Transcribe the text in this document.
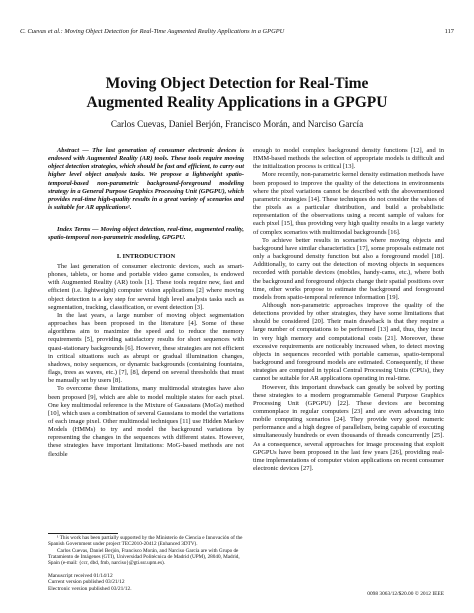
C. Cuevas et al.: Moving Object Detection for Real-Time Augmented Reality Applications in a GPGPU	117
Moving Object Detection for Real-Time
Augmented Reality Applications in a GPGPU
Carlos Cuevas, Daniel Berjón, Francisco Morán, and Narciso García

Abstract — The last generation of consumer electronic devices is endowed with Augmented Reality (AR) tools. These tools require moving object detection strategies, which should be fast and efficient, to carry out higher level object analysis tasks. We propose a lightweight spatio-temporal-based non-parametric background-foreground modeling strategy in a General Purpose Graphics Processing Unit (GPGPU), which provides real-time high-quality results in a great variety of scenarios and is suitable for AR applications¹.

Index Terms — Moving object detection, real-time, augmented reality, spatio-temporal non-parametric modeling, GPGPU.

I. INTRODUCTION

The last generation of consumer electronic devices, such as smart-phones, tablets, or home and portable video game consoles, is endowed with Augmented Reality (AR) tools [1]. These tools require new, fast and efficient (i.e. lightweight) computer vision applications [2] where moving object detection is a key step for several high level analysis tasks such as segmentation, tracking, classification, or event detection [3].

In the last years, a large number of moving object segmentation approaches has been proposed in the literature [4]. Some of these algorithms aim to maximize the speed and to reduce the memory requirements [5], providing satisfactory results for short sequences with quasi-stationary backgrounds [6]. However, these strategies are not efficient in critical situations such as abrupt or gradual illumination changes, shadows, noisy sequences, or dynamic backgrounds (containing fountains, flags, trees as waves, etc.) [7], [8], depend on several thresholds that must be manually set by users [8].

To overcome these limitations, many multimodal strategies have also been proposed [9], which are able to model multiple states for each pixel. One key multimodal reference is the Mixture of Gaussians (MoGs) method [10], which uses a combination of several Gaussians to model the variations of each image pixel. Other multimodal techniques [11] use Hidden Markov Models (HMMs) to try and model the background variations by representing the changes in the sequences with different states. However, these strategies have important limitations: MoG-based methods are not flexible

enough to model complex background density functions [12], and in HMM-based methods the selection of appropriate models is difficult and the initialization process is critical [13].

More recently, non-parametric kernel density estimation methods have been proposed to improve the quality of the detections in environments where the pixel variations cannot be described with the abovementioned parametric strategies [14]. These techniques do not consider the values of the pixels as a particular distribution, and build a probabilistic representation of the observations using a recent sample of values for each pixel [15], thus providing very high quality results in a large variety of complex scenarios with multimodal backgrounds [16].

To achieve better results in scenarios where moving objects and background have similar characteristics [17], some proposals estimate not only a background density function but also a foreground model [18]. Additionally, to carry out the detection of moving objects in sequences recorded with portable devices (mobiles, handy-cams, etc.), where both the background and foreground objects change their spatial positions over time, other works propose to estimate the background and foreground models from spatio-temporal reference information [19].

Although non-parametric approaches improve the quality of the detections provided by other strategies, they have some limitations that should be considered [20]. Their main drawback is that they require a large number of computations to be performed [13] and, thus, they incur in very high memory and computational costs [21]. Moreover, these excessive requirements are noticeably increased when, to detect moving objects in sequences recorded with portable cameras, spatio-temporal background and foreground models are estimated. Consequently, if these strategies are computed in typical Central Processing Units (CPUs), they cannot be suitable for AR applications operating in real-time.

However, this important drawback can greatly be solved by porting these strategies to a modern programmable General Purpose Graphics Processing Unit (GPGPU) [22]. These devices are becoming commonplace in regular computers [23] and are even advancing into mobile computing scenarios [24]. They provide very good numeric performance and a high degree of parallelism, being capable of executing simultaneously hundreds or even thousands of threads concurrently [25]. As a consequence, several approaches for image processing that exploit GPGPUs have been proposed in the last few years [26], providing real-time implementations of computer vision applications on recent consumer electronic devices [27].

¹ This work has been partially supported by the Ministerio de Ciencia e Innovación of the Spanish Government under project TEC2010-20412 (Enhanced 3DTV).

Carlos Cuevas, Daniel Berjón, Francisco Morán, and Narciso García are with Grupo de Tratamiento de Imágenes (GTI), Universidad Politécnica de Madrid (UPM), 28040, Madrid, Spain (e-mail: {ccr, dbd, fmb, narciso}@gti.ssr.upm.es).

Manuscript received 01/14/12
Current version published 03/21/12
Electronic version published 03/21/12.
0098 3063/12/$20.00 © 2012 IEEE
